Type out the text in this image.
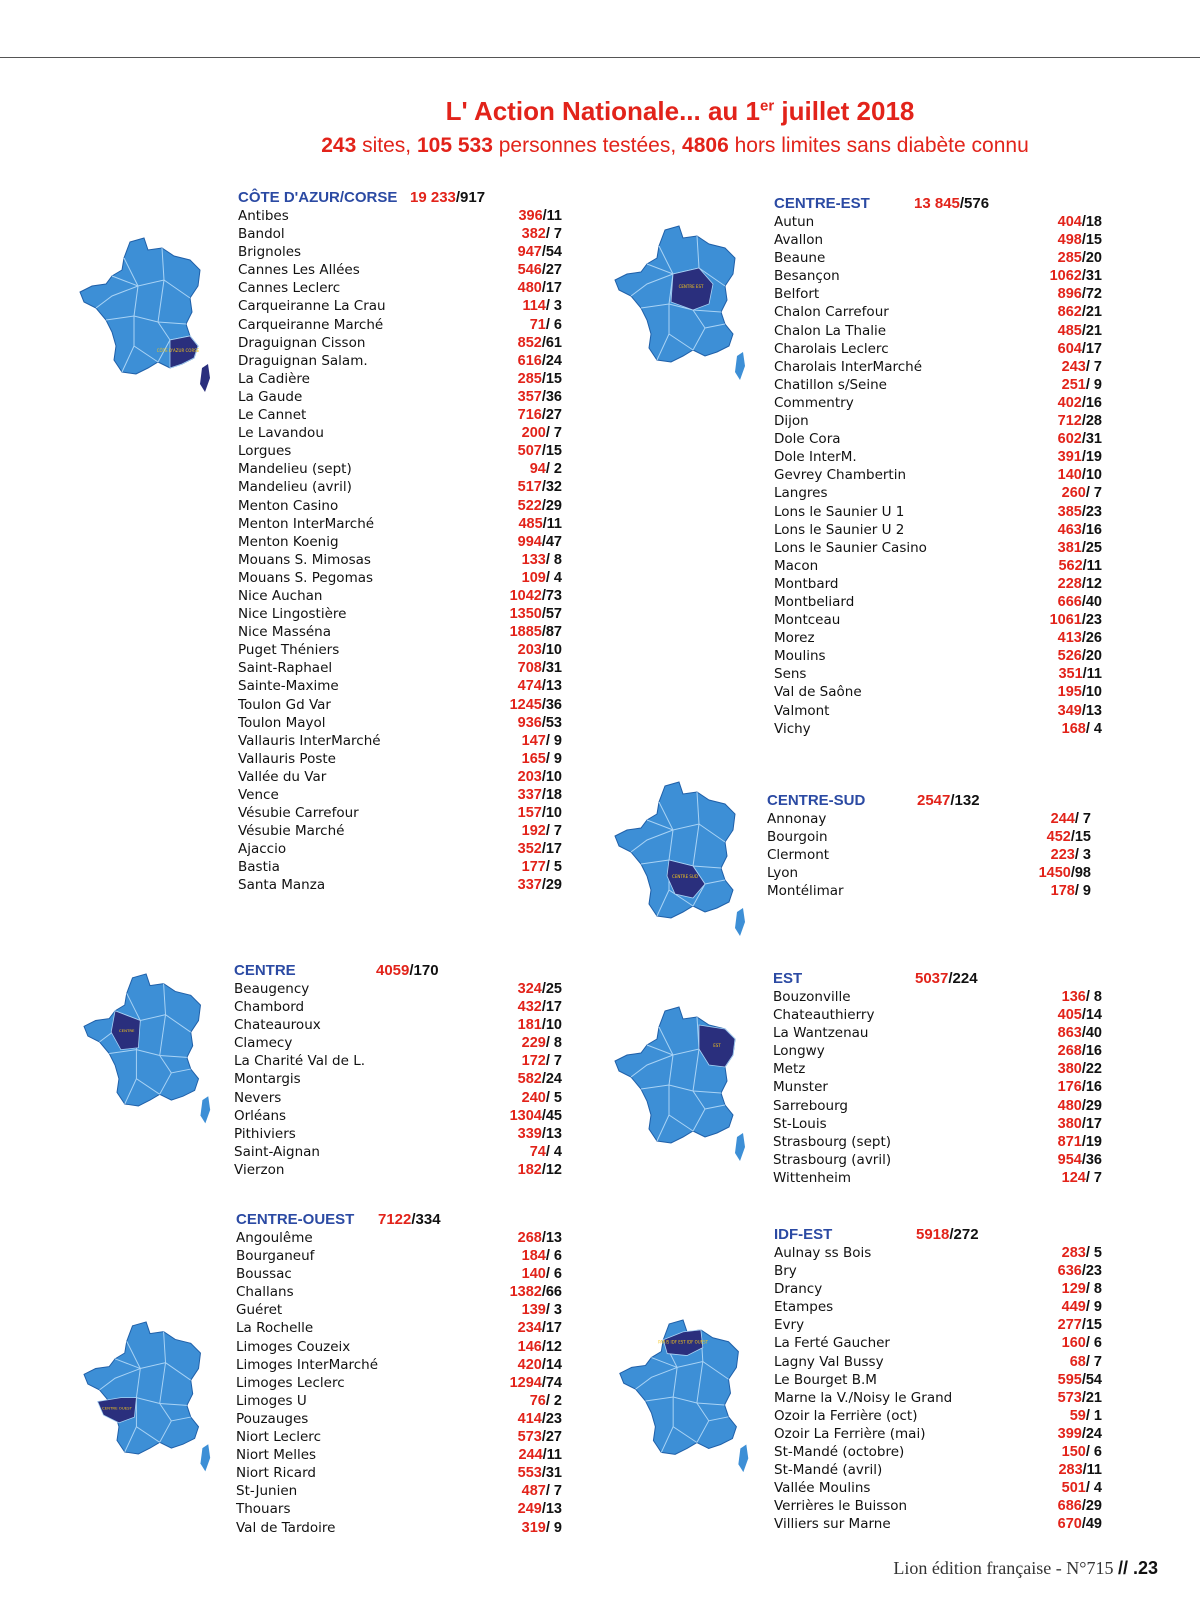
L' Action Nationale... au 1er juillet 2018
243 sites, 105 533 personnes testées, 4806 hors limites sans diabète connu
CÔTE D'AZUR/CORSE 19 233/917
Antibes	396/11
Bandol	382/ 7
Brignoles	947/54
Cannes Les Allées	546/27
Cannes Leclerc	480/17
Carqueiranne La Crau	114/ 3
Carqueiranne Marché	71/ 6
Draguignan Cisson	852/61
Draguignan Salam.	616/24
La Cadière	285/15
La Gaude	357/36
Le Cannet	716/27
Le Lavandou	200/ 7
Lorgues	507/15
Mandelieu (sept)	94/ 2
Mandelieu (avril)	517/32
Menton Casino	522/29
Menton InterMarché	485/11
Menton Koenig	994/47
Mouans S. Mimosas	133/ 8
Mouans S. Pegomas	109/ 4
Nice Auchan	1042/73
Nice Lingostière	1350/57
Nice Masséna	1885/87
Puget Théniers	203/10
Saint-Raphael	708/31
Sainte-Maxime	474/13
Toulon Gd Var	1245/36
Toulon Mayol	936/53
Vallauris InterMarché	147/ 9
Vallauris Poste	165/ 9
Vallée du Var	203/10
Vence	337/18
Vésubie Carrefour	157/10
Vésubie Marché	192/ 7
Ajaccio	352/17
Bastia	177/ 5
Santa Manza	337/29
CENTRE-EST	13 845/576
Autun	404/18
Avallon	498/15
Beaune	285/20
Besançon	1062/31
Belfort	896/72
Chalon Carrefour	862/21
Chalon La Thalie	485/21
Charolais Leclerc	604/17
Charolais InterMarché	243/ 7
Chatillon s/Seine	251/ 9
Commentry	402/16
Dijon	712/28
Dole Cora	602/31
Dole InterM.	391/19
Gevrey Chambertin	140/10
Langres	260/ 7
Lons le Saunier U 1	385/23
Lons le Saunier U 2	463/16
Lons le Saunier Casino	381/25
Macon	562/11
Montbard	228/12
Montbeliard	666/40
Montceau	1061/23
Morez	413/26
Moulins	526/20
Sens	351/11
Val de Saône	195/10
Valmont	349/13
Vichy	168/ 4
CENTRE-SUD	2547/132
Annonay	244/ 7
Bourgoin	452/15
Clermont	223/ 3
Lyon	1450/98
Montélimar	178/ 9
CENTRE	4059/170
Beaugency	324/25
Chambord	432/17
Chateauroux	181/10
Clamecy	229/ 8
La Charité Val de L.	172/ 7
Montargis	582/24
Nevers	240/ 5
Orléans	1304/45
Pithiviers	339/13
Saint-Aignan	74/ 4
Vierzon	182/12
EST	5037/224
Bouzonville	136/ 8
Chateauthierry	405/14
La Wantzenau	863/40
Longwy	268/16
Metz	380/22
Munster	176/16
Sarrebourg	480/29
St-Louis	380/17
Strasbourg (sept)	871/19
Strasbourg (avril)	954/36
Wittenheim	124/ 7
CENTRE-OUEST 7122/334
Angoulême	268/13
Bourganeuf	184/ 6
Boussac	140/ 6
Challans	1382/66
Guéret	139/ 3
La Rochelle	234/17
Limoges Couzeix	146/12
Limoges InterMarché	420/14
Limoges Leclerc	1294/74
Limoges U	76/ 2
Pouzauges	414/23
Niort Leclerc	573/27
Niort Melles	244/11
Niort Ricard	553/31
St-Junien	487/ 7
Thouars	249/13
Val de Tardoire	319/ 9
IDF-EST	5918/272
Aulnay ss Bois	283/ 5
Bry	636/23
Drancy	129/ 8
Etampes	449/ 9
Evry	277/15
La Ferté Gaucher	160/ 6
Lagny Val Bussy	68/ 7
Le Bourget B.M	595/54
Marne la V./Noisy le Grand	573/21
Ozoir la Ferrière (oct)	59/ 1
Ozoir La Ferrière (mai)	399/24
St-Mandé (octobre)	150/ 6
St-Mandé (avril)	283/11
Vallée Moulins	501/ 4
Verrières le Buisson	686/29
Villiers sur Marne	670/49
CÔTE D'AZUR CORSE
CENTRE EST
CENTRE SUD
CENTRE
EST
CENTRE OUEST
PARIS IDF EST IDF OUEST
Lion édition française - N°715 // .23
